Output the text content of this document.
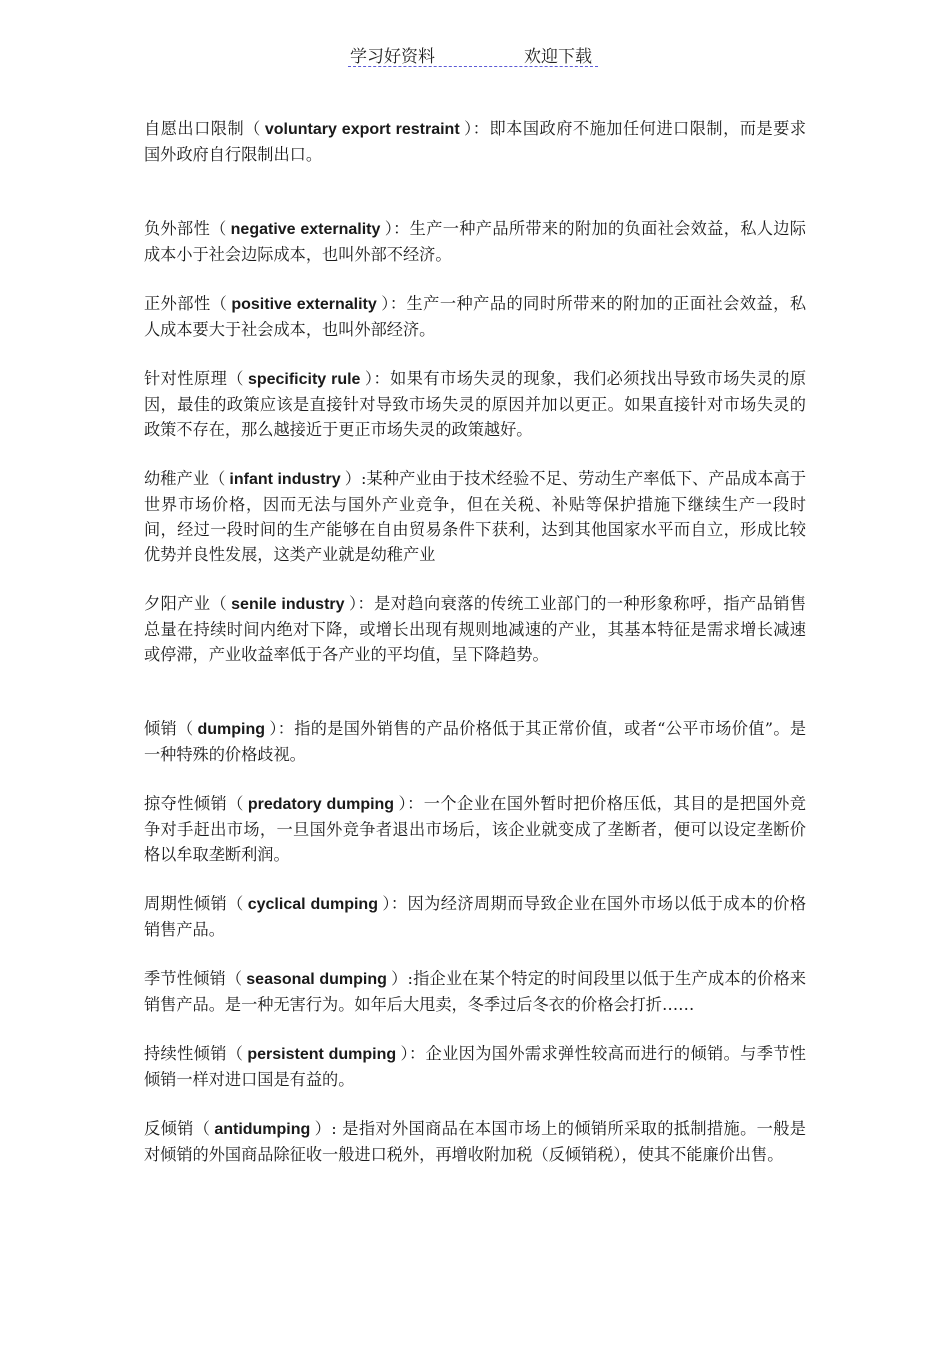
学习好资料	欢迎下载

自愿出口限制（ voluntary export restraint ）：即本国政府不施加任何进口限制，而是要求国外政府自行限制出口。

负外部性（ negative externality ）：生产一种产品所带来的附加的负面社会效益，私人边际成本小于社会边际成本，也叫外部不经济。

正外部性（ positive externality ）：生产一种产品的同时所带来的附加的正面社会效益，私人成本要大于社会成本，也叫外部经济。

针对性原理（ specificity rule ）：如果有市场失灵的现象，我们必须找出导致市场失灵的原因，最佳的政策应该是直接针对导致市场失灵的原因并加以更正。如果直接针对市场失灵的政策不存在，那么越接近于更正市场失灵的政策越好。

幼稚产业（ infant industry ）:某种产业由于技术经验不足、劳动生产率低下、产品成本高于世界市场价格，因而无法与国外产业竞争，但在关税、补贴等保护措施下继续生产一段时间，经过一段时间的生产能够在自由贸易条件下获利，达到其他国家水平而自立，形成比较优势并良性发展，这类产业就是幼稚产业

夕阳产业（ senile industry ）：是对趋向衰落的传统工业部门的一种形象称呼，指产品销售总量在持续时间内绝对下降，或增长出现有规则地减速的产业，其基本特征是需求增长减速或停滞，产业收益率低于各产业的平均值，呈下降趋势。

倾销（ dumping ）：指的是国外销售的产品价格低于其正常价值，或者“公平市场价值”。是一种特殊的价格歧视。

掠夺性倾销（ predatory dumping ）：一个企业在国外暂时把价格压低，其目的是把国外竞争对手赶出市场，一旦国外竞争者退出市场后，该企业就变成了垄断者，便可以设定垄断价格以牟取垄断利润。

周期性倾销（ cyclical dumping ）：因为经济周期而导致企业在国外市场以低于成本的价格销售产品。

季节性倾销（ seasonal dumping ）:指企业在某个特定的时间段里以低于生产成本的价格来销售产品。是一种无害行为。如年后大甩卖，冬季过后冬衣的价格会打折……

持续性倾销（ persistent dumping ）：企业因为国外需求弹性较高而进行的倾销。与季节性倾销一样对进口国是有益的。

反倾销（ antidumping ）: 是指对外国商品在本国市场上的倾销所采取的抵制措施。一般是对倾销的外国商品除征收一般进口税外，再增收附加税（反倾销税），使其不能廉价出售。
